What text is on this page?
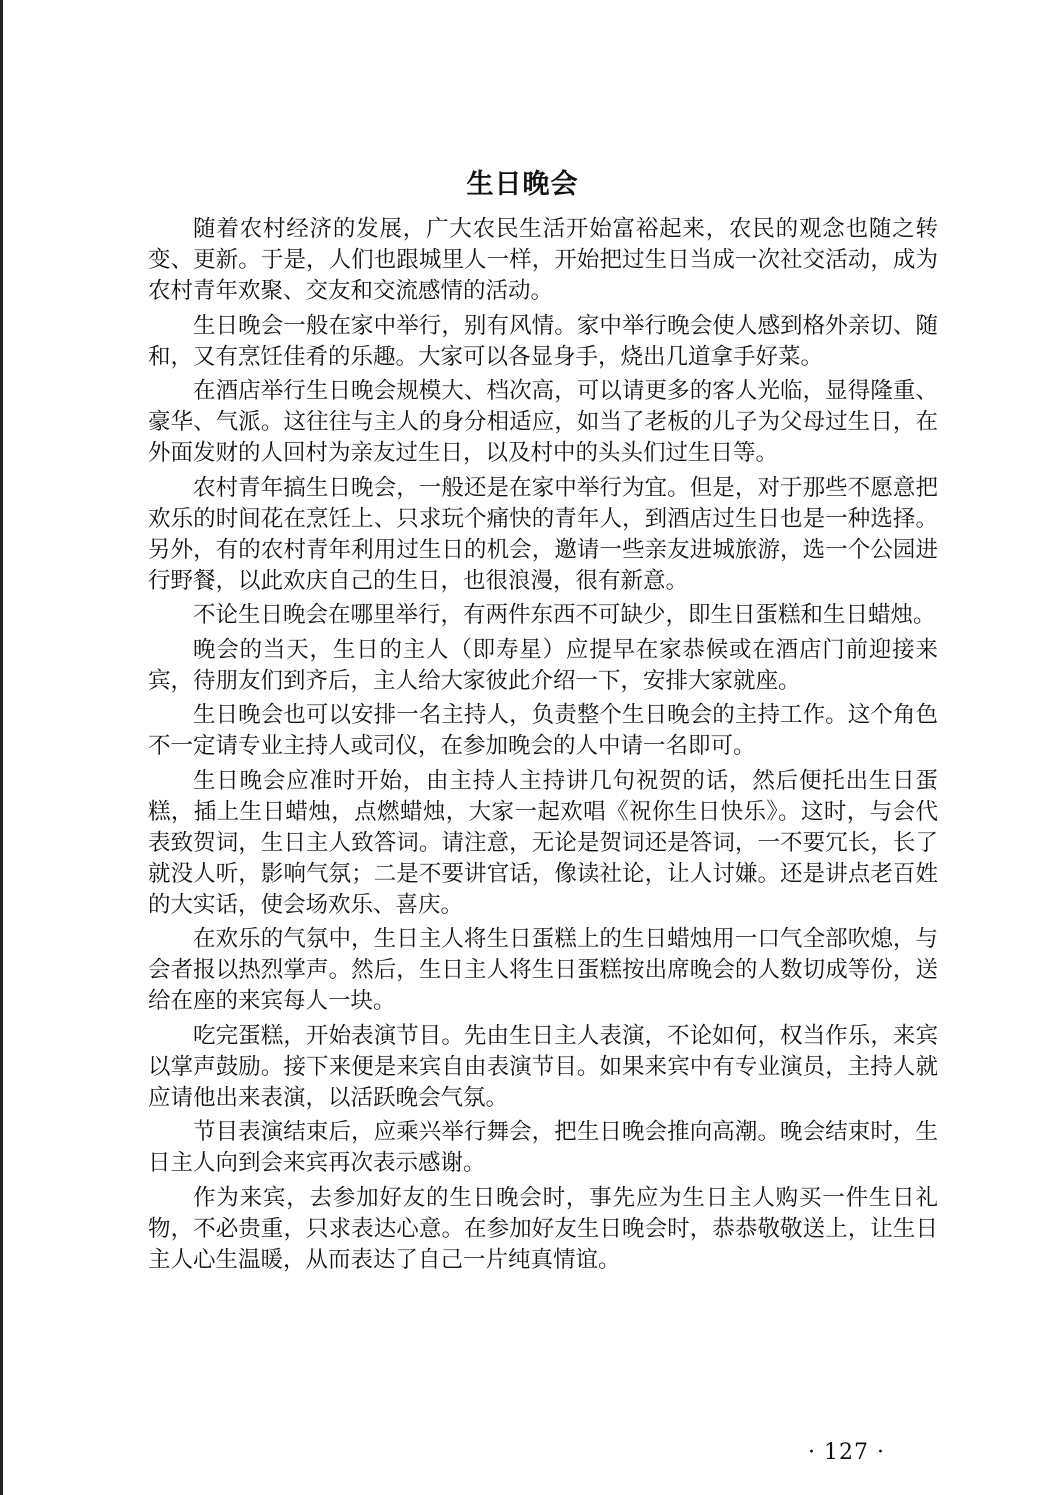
生日晚会

随着农村经济的发展，广大农民生活开始富裕起来，农民的观念也随之转变、更新。于是，人们也跟城里人一样，开始把过生日当成一次社交活动，成为农村青年欢聚、交友和交流感情的活动。

生日晚会一般在家中举行，别有风情。家中举行晚会使人感到格外亲切、随和，又有烹饪佳肴的乐趣。大家可以各显身手，烧出几道拿手好菜。

在酒店举行生日晚会规模大、档次高，可以请更多的客人光临，显得隆重、豪华、气派。这往往与主人的身分相适应，如当了老板的儿子为父母过生日，在外面发财的人回村为亲友过生日，以及村中的头头们过生日等。

农村青年搞生日晚会，一般还是在家中举行为宜。但是，对于那些不愿意把欢乐的时间花在烹饪上、只求玩个痛快的青年人，到酒店过生日也是一种选择。另外，有的农村青年利用过生日的机会，邀请一些亲友进城旅游，选一个公园进行野餐，以此欢庆自己的生日，也很浪漫，很有新意。

不论生日晚会在哪里举行，有两件东西不可缺少，即生日蛋糕和生日蜡烛。

晚会的当天，生日的主人（即寿星）应提早在家恭候或在酒店门前迎接来宾，待朋友们到齐后，主人给大家彼此介绍一下，安排大家就座。

生日晚会也可以安排一名主持人，负责整个生日晚会的主持工作。这个角色不一定请专业主持人或司仪，在参加晚会的人中请一名即可。

生日晚会应准时开始，由主持人主持讲几句祝贺的话，然后便托出生日蛋糕，插上生日蜡烛，点燃蜡烛，大家一起欢唱《祝你生日快乐》。这时，与会代表致贺词，生日主人致答词。请注意，无论是贺词还是答词，一不要冗长，长了就没人听，影响气氛；二是不要讲官话，像读社论，让人讨嫌。还是讲点老百姓的大实话，使会场欢乐、喜庆。

在欢乐的气氛中，生日主人将生日蛋糕上的生日蜡烛用一口气全部吹熄，与会者报以热烈掌声。然后，生日主人将生日蛋糕按出席晚会的人数切成等份，送给在座的来宾每人一块。

吃完蛋糕，开始表演节目。先由生日主人表演，不论如何，权当作乐，来宾以掌声鼓励。接下来便是来宾自由表演节目。如果来宾中有专业演员，主持人就应请他出来表演，以活跃晚会气氛。

节目表演结束后，应乘兴举行舞会，把生日晚会推向高潮。晚会结束时，生日主人向到会来宾再次表示感谢。

作为来宾，去参加好友的生日晚会时，事先应为生日主人购买一件生日礼物，不必贵重，只求表达心意。在参加好友生日晚会时，恭恭敬敬送上，让生日主人心生温暖，从而表达了自己一片纯真情谊。

· 127 ·
